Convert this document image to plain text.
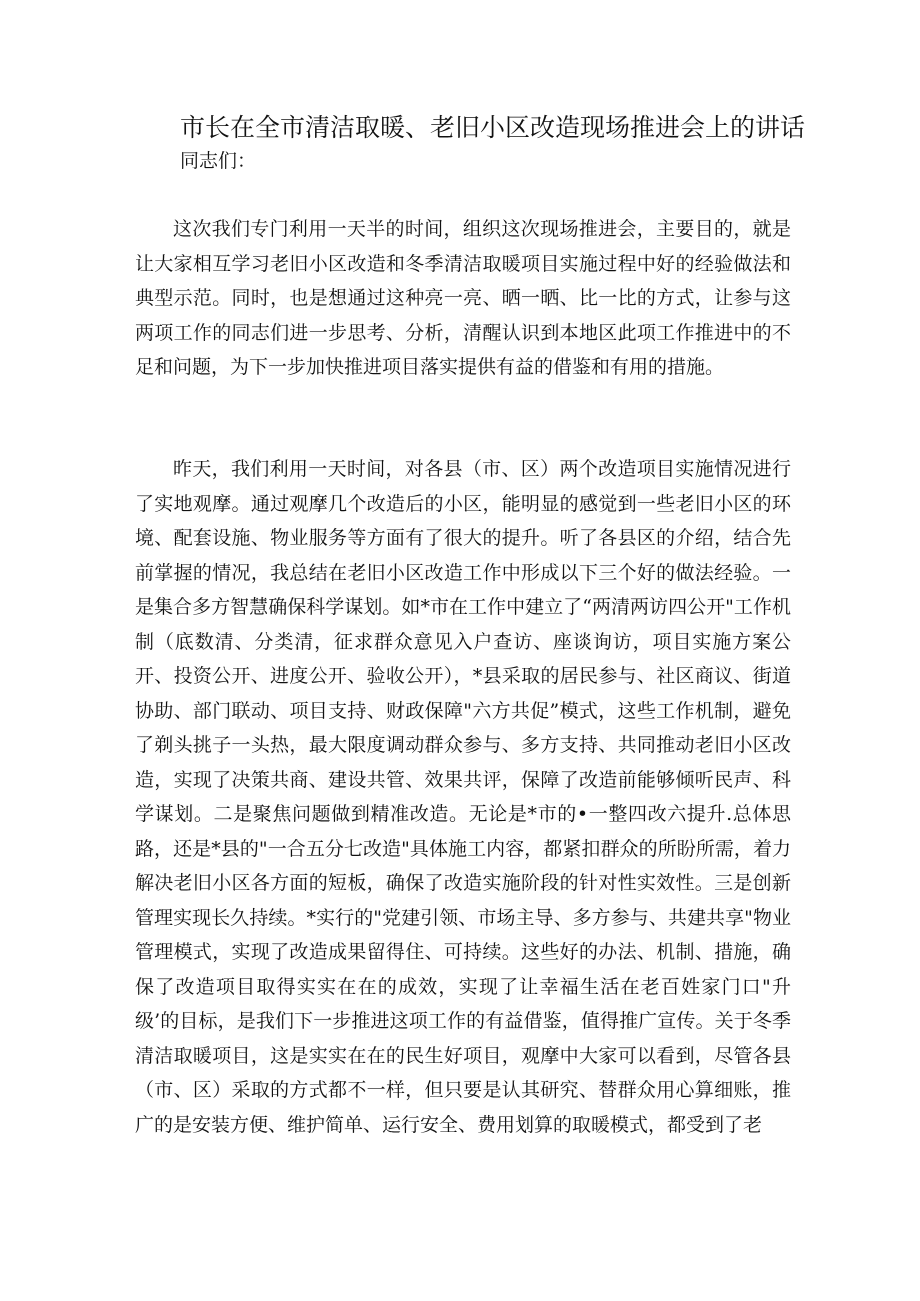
市长在全市清洁取暖、老旧小区改造现场推进会上的讲话

同志们：

这次我们专门利用一天半的时间，组织这次现场推进会，主要目的，就是让大家相互学习老旧小区改造和冬季清洁取暖项目实施过程中好的经验做法和典型示范。同时，也是想通过这种亮一亮、晒一晒、比一比的方式，让参与这两项工作的同志们进一步思考、分析，清醒认识到本地区此项工作推进中的不足和问题，为下一步加快推进项目落实提供有益的借鉴和有用的措施。

昨天，我们利用一天时间，对各县（市、区）两个改造项目实施情况进行了实地观摩。通过观摩几个改造后的小区，能明显的感觉到一些老旧小区的环境、配套设施、物业服务等方面有了很大的提升。听了各县区的介绍，结合先前掌握的情况，我总结在老旧小区改造工作中形成以下三个好的做法经验。一是集合多方智慧确保科学谋划。如*市在工作中建立了“两清两访四公开"工作机制（底数清、分类清，征求群众意见入户查访、座谈询访，项目实施方案公开、投资公开、进度公开、验收公开），*县采取的居民参与、社区商议、街道协助、部门联动、项目支持、财政保障"六方共促”模式，这些工作机制，避免了剃头挑子一头热，最大限度调动群众参与、多方支持、共同推动老旧小区改造，实现了决策共商、建设共管、效果共评，保障了改造前能够倾听民声、科学谋划。二是聚焦问题做到精准改造。无论是*市的•一整四改六提升.总体思路，还是*县的"一合五分七改造"具体施工内容，都紧扣群众的所盼所需，着力解决老旧小区各方面的短板，确保了改造实施阶段的针对性实效性。三是创新管理实现长久持续。*实行的"党建引领、市场主导、多方参与、共建共享"物业管理模式，实现了改造成果留得住、可持续。这些好的办法、机制、措施，确保了改造项目取得实实在在的成效，实现了让幸福生活在老百姓家门口"升级’的目标，是我们下一步推进这项工作的有益借鉴，值得推广宣传。关于冬季清洁取暖项目，这是实实在在的民生好项目，观摩中大家可以看到，尽管各县（市、区）采取的方式都不一样，但只要是认其研究、替群众用心算细账，推广的是安装方便、维护简单、运行安全、费用划算的取暖模式，都受到了老
